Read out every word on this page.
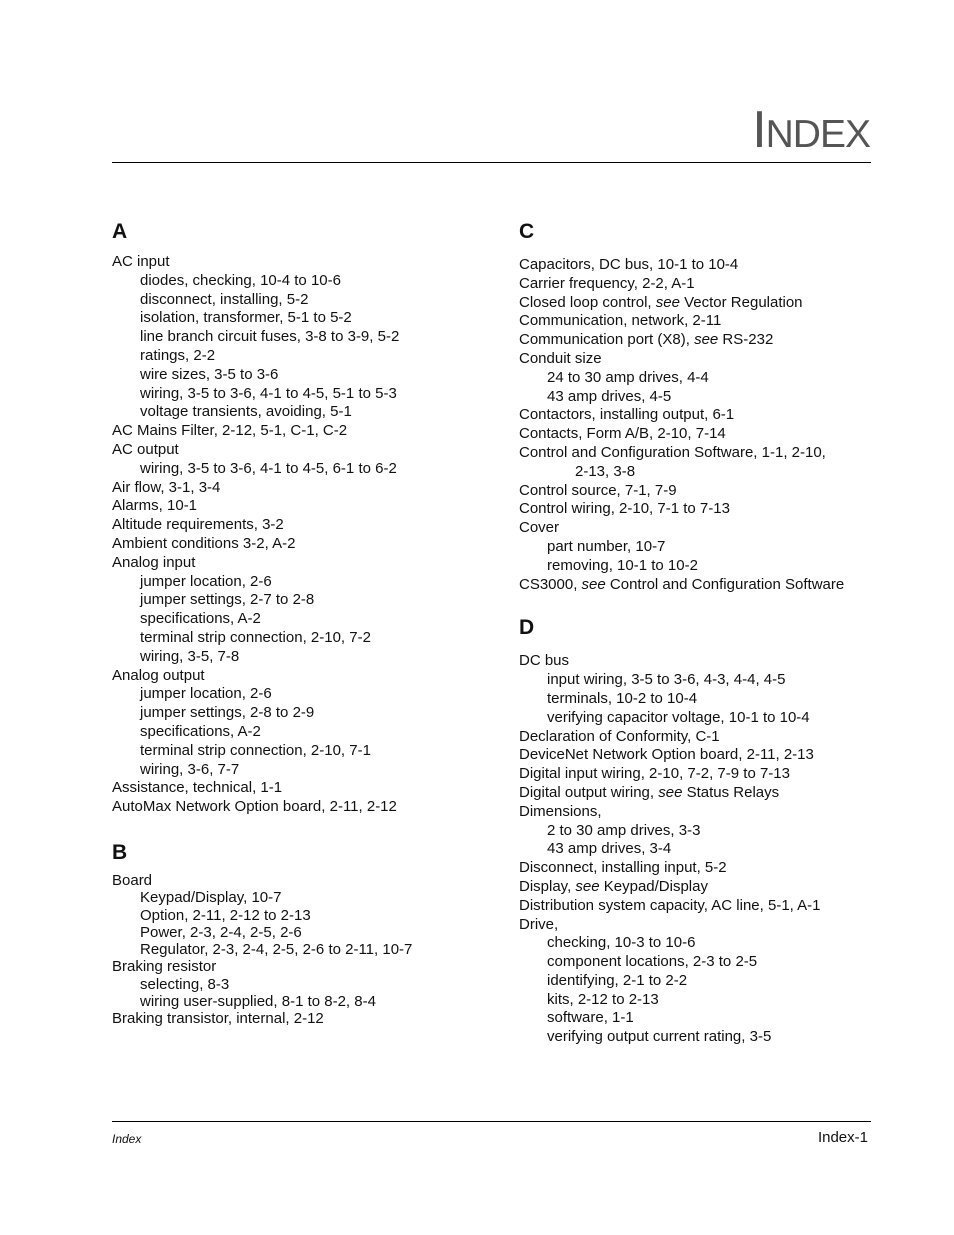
INDEX
A
AC input
diodes, checking, 10-4 to 10-6
disconnect, installing, 5-2
isolation, transformer, 5-1 to 5-2
line branch circuit fuses, 3-8 to 3-9, 5-2
ratings, 2-2
wire sizes, 3-5 to 3-6
wiring, 3-5 to 3-6, 4-1 to 4-5, 5-1 to 5-3
voltage transients, avoiding, 5-1
AC Mains Filter, 2-12, 5-1, C-1, C-2
AC output
wiring, 3-5 to 3-6, 4-1 to 4-5, 6-1 to 6-2
Air flow, 3-1, 3-4
Alarms, 10-1
Altitude requirements, 3-2
Ambient conditions 3-2, A-2
Analog input
jumper location, 2-6
jumper settings, 2-7 to 2-8
specifications, A-2
terminal strip connection, 2-10, 7-2
wiring, 3-5, 7-8
Analog output
jumper location, 2-6
jumper settings, 2-8 to 2-9
specifications, A-2
terminal strip connection, 2-10, 7-1
wiring, 3-6, 7-7
Assistance, technical, 1-1
AutoMax Network Option board, 2-11, 2-12
B
Board
Keypad/Display, 10-7
Option, 2-11, 2-12 to 2-13
Power, 2-3, 2-4, 2-5, 2-6
Regulator, 2-3, 2-4, 2-5, 2-6 to 2-11, 10-7
Braking resistor
selecting, 8-3
wiring user-supplied, 8-1 to 8-2, 8-4
Braking transistor, internal, 2-12
C
Capacitors, DC bus, 10-1 to 10-4
Carrier frequency, 2-2, A-1
Closed loop control, see Vector Regulation
Communication, network, 2-11
Communication port (X8), see RS-232
Conduit size
24 to 30 amp drives, 4-4
43 amp drives, 4-5
Contactors, installing output, 6-1
Contacts, Form A/B, 2-10, 7-14
Control and Configuration Software, 1-1, 2-10,
2-13, 3-8
Control source, 7-1, 7-9
Control wiring, 2-10, 7-1 to 7-13
Cover
part number, 10-7
removing, 10-1 to 10-2
CS3000, see Control and Configuration Software
D
DC bus
input wiring, 3-5 to 3-6, 4-3, 4-4, 4-5
terminals, 10-2 to 10-4
verifying capacitor voltage, 10-1 to 10-4
Declaration of Conformity, C-1
DeviceNet Network Option board, 2-11, 2-13
Digital input wiring, 2-10, 7-2, 7-9 to 7-13
Digital output wiring, see Status Relays
Dimensions,
2 to 30 amp drives, 3-3
43 amp drives, 3-4
Disconnect, installing input, 5-2
Display, see Keypad/Display
Distribution system capacity, AC line, 5-1, A-1
Drive,
checking, 10-3 to 10-6
component locations, 2-3 to 2-5
identifying, 2-1 to 2-2
kits, 2-12 to 2-13
software, 1-1
verifying output current rating, 3-5
Index	Index-1
